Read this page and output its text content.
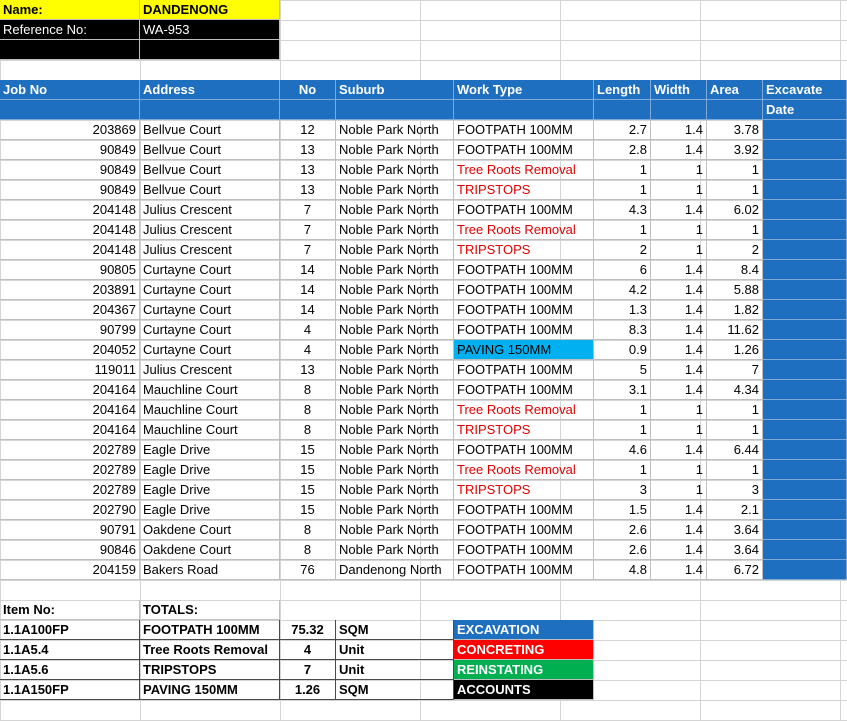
Name:	DANDENONG
Reference No:	WA-953
Job No	Address	No	Suburb	Work Type	Length	Width	Area	Excavate
Date
203869 Bellvue Court	12	Noble Park North	FOOTPATH 100MM	2.7	1.4	3.78
90849 Bellvue Court	13	Noble Park North	FOOTPATH 100MM	2.8	1.4	3.92
90849 Bellvue Court	13	Noble Park North	Tree Roots Removal	1	1	1
90849 Bellvue Court	13	Noble Park North	TRIPSTOPS	1	1	1
204148 Julius Crescent	7	Noble Park North	FOOTPATH 100MM	4.3	1.4	6.02
204148 Julius Crescent	7	Noble Park North	Tree Roots Removal	1	1	1
204148 Julius Crescent	7	Noble Park North	TRIPSTOPS	2	1	2
90805 Curtayne Court	14	Noble Park North	FOOTPATH 100MM	6	1.4	8.4
203891 Curtayne Court	14	Noble Park North	FOOTPATH 100MM	4.2	1.4	5.88
204367 Curtayne Court	14	Noble Park North	FOOTPATH 100MM	1.3	1.4	1.82
90799 Curtayne Court	4	Noble Park North	FOOTPATH 100MM	8.3	1.4	11.62
204052 Curtayne Court	4	Noble Park North	PAVING 150MM	0.9	1.4	1.26
119011 Julius Crescent	13	Noble Park North	FOOTPATH 100MM	5	1.4	7
204164 Mauchline Court	8	Noble Park North	FOOTPATH 100MM	3.1	1.4	4.34
204164 Mauchline Court	8	Noble Park North	Tree Roots Removal	1	1	1
204164 Mauchline Court	8	Noble Park North	TRIPSTOPS	1	1	1
202789 Eagle Drive	15	Noble Park North	FOOTPATH 100MM	4.6	1.4	6.44
202789 Eagle Drive	15	Noble Park North	Tree Roots Removal	1	1	1
202789 Eagle Drive	15	Noble Park North	TRIPSTOPS	3	1	3
202790 Eagle Drive	15	Noble Park North	FOOTPATH 100MM	1.5	1.4	2.1
90791 Oakdene Court	8	Noble Park North	FOOTPATH 100MM	2.6	1.4	3.64
90846 Oakdene Court	8	Noble Park North	FOOTPATH 100MM	2.6	1.4	3.64
204159 Bakers Road	76	Dandenong North	FOOTPATH 100MM	4.8	1.4	6.72
Item No:	TOTALS:
1.1A100FP	FOOTPATH 100MM	75.32	SQM
1.1A5.4	Tree Roots Removal	4	Unit
1.1A5.6	TRIPSTOPS	7	Unit
1.1A150FP	PAVING 150MM	1.26	SQM
EXCAVATION
CONCRETING
REINSTATING
ACCOUNTS
